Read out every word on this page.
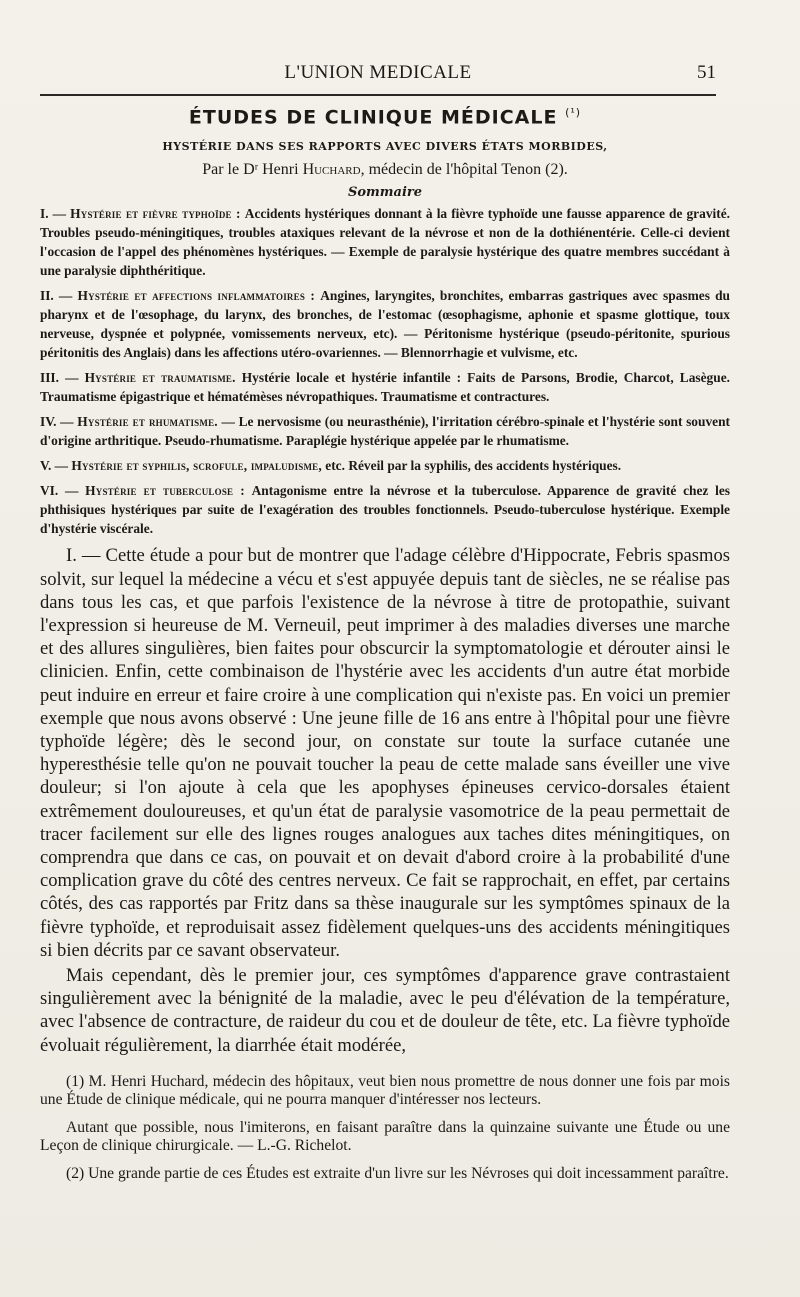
L'UNION MEDICALE	51
ÉTUDES DE CLINIQUE MÉDICALE $^{(^1)}$
HYSTÉRIE DANS SES RAPPORTS AVEC DIVERS ÉTATS MORBIDES,
Par le Dʳ Henri Huchard, médecin de l'hôpital Tenon (2).
Sommaire

I. — Hystérie et fièvre typhoïde : Accidents hystériques donnant à la fièvre typhoïde une fausse apparence de gravité. Troubles pseudo-méningitiques, troubles ataxiques relevant de la névrose et non de la dothiénentérie. Celle-ci devient l'occasion de l'appel des phénomènes hystériques. — Exemple de paralysie hystérique des quatre membres succédant à une paralysie diphthéritique.

II. — Hystérie et affections inflammatoires : Angines, laryngites, bronchites, embarras gastriques avec spasmes du pharynx et de l'œsophage, du larynx, des bronches, de l'estomac (œsophagisme, aphonie et spasme glottique, toux nerveuse, dyspnée et polypnée, vomissements nerveux, etc). — Péritonisme hystérique (pseudo-péritonite, spurious péritonitis des Anglais) dans les affections utéro-ovariennes. — Blennorrhagie et vulvisme, etc.

III. — Hystérie et traumatisme. Hystérie locale et hystérie infantile : Faits de Parsons, Brodie, Charcot, Lasègue. Traumatisme épigastrique et hématémèses névropathiques. Traumatisme et contractures.

IV. — Hystérie et rhumatisme. — Le nervosisme (ou neurasthénie), l'irritation cérébro-spinale et l'hystérie sont souvent d'origine arthritique. Pseudo-rhumatisme. Paraplégie hystérique appelée par le rhumatisme.

V. — Hystérie et syphilis, scrofule, impaludisme, etc. Réveil par la syphilis, des accidents hystériques.

VI. — Hystérie et tuberculose : Antagonisme entre la névrose et la tuberculose. Apparence de gravité chez les phthisiques hystériques par suite de l'exagération des troubles fonctionnels. Pseudo-tuberculose hystérique. Exemple d'hystérie viscérale.

I. — Cette étude a pour but de montrer que l'adage célèbre d'Hippocrate, Febris spasmos solvit, sur lequel la médecine a vécu et s'est appuyée depuis tant de siècles, ne se réalise pas dans tous les cas, et que parfois l'existence de la névrose à titre de protopathie, suivant l'expression si heureuse de M. Verneuil, peut imprimer à des maladies diverses une marche et des allures singulières, bien faites pour obscurcir la symptomatologie et dérouter ainsi le clinicien. Enfin, cette combinaison de l'hystérie avec les accidents d'un autre état morbide peut induire en erreur et faire croire à une complication qui n'existe pas. En voici un premier exemple que nous avons observé : Une jeune fille de 16 ans entre à l'hôpital pour une fièvre typhoïde légère; dès le second jour, on constate sur toute la surface cutanée une hyperesthésie telle qu'on ne pouvait toucher la peau de cette malade sans éveiller une vive douleur; si l'on ajoute à cela que les apophyses épineuses cervico-dorsales étaient extrêmement douloureuses, et qu'un état de paralysie vasomotrice de la peau permettait de tracer facilement sur elle des lignes rouges analogues aux taches dites méningitiques, on comprendra que dans ce cas, on pouvait et on devait d'abord croire à la probabilité d'une complication grave du côté des centres nerveux. Ce fait se rapprochait, en effet, par certains côtés, des cas rapportés par Fritz dans sa thèse inaugurale sur les symptômes spinaux de la fièvre typhoïde, et reproduisait assez fidèlement quelques-uns des accidents méningitiques si bien décrits par ce savant observateur.

Mais cependant, dès le premier jour, ces symptômes d'apparence grave contrastaient singulièrement avec la bénignité de la maladie, avec le peu d'élévation de la température, avec l'absence de contracture, de raideur du cou et de douleur de tête, etc. La fièvre typhoïde évoluait régulièrement, la diarrhée était modérée,

(1) M. Henri Huchard, médecin des hôpitaux, veut bien nous promettre de nous donner une fois par mois une Étude de clinique médicale, qui ne pourra manquer d'intéresser nos lecteurs.

Autant que possible, nous l'imiterons, en faisant paraître dans la quinzaine suivante une Étude ou une Leçon de clinique chirurgicale. — L.-G. Richelot.

(2) Une grande partie de ces Études est extraite d'un livre sur les Névroses qui doit incessamment paraître.
